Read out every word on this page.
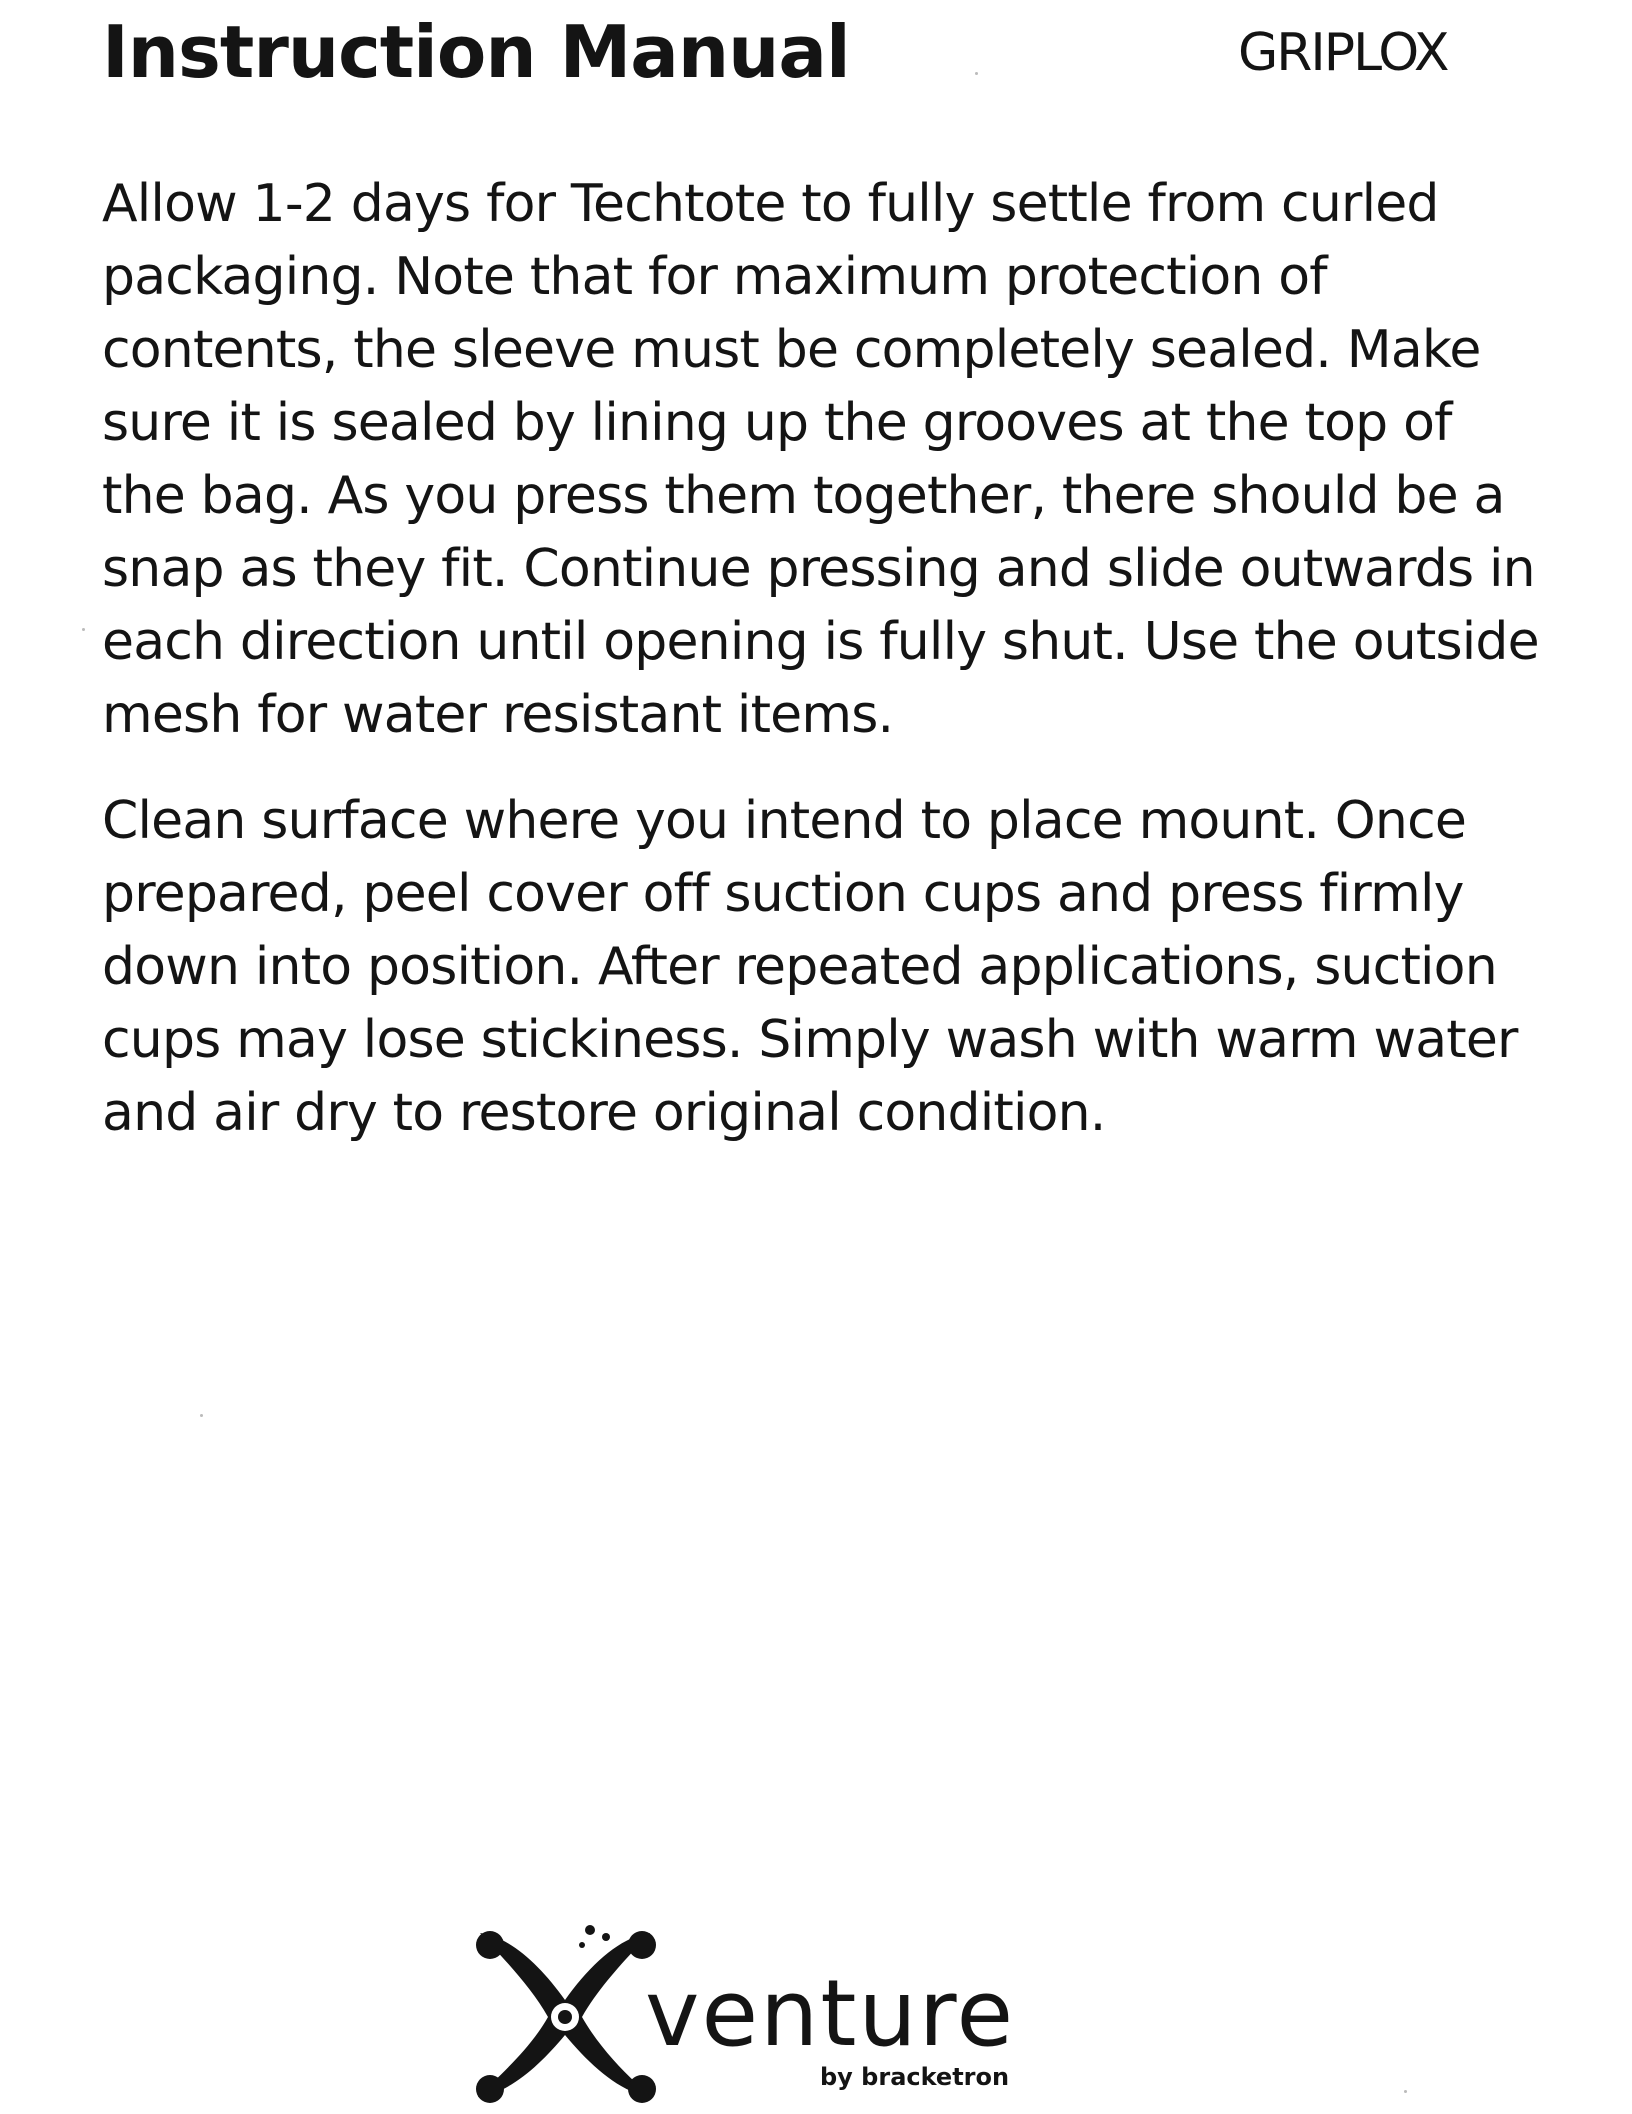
Instruction Manual	GRIPLOX

Allow 1-2 days for Techtote to fully settle from curled packaging. Note that for maximum protection of contents, the sleeve must be completely sealed. Make sure it is sealed by lining up the grooves at the top of the bag. As you press them together, there should be a snap as they fit. Continue pressing and slide outwards in each direction until opening is fully shut. Use the outside mesh for water resistant items.

Clean surface where you intend to place mount. Once prepared, peel cover off suction cups and press firmly down into position. After repeated applications, suction cups may lose stickiness. Simply wash with warm water and air dry to restore original condition.

venture
by bracketron
